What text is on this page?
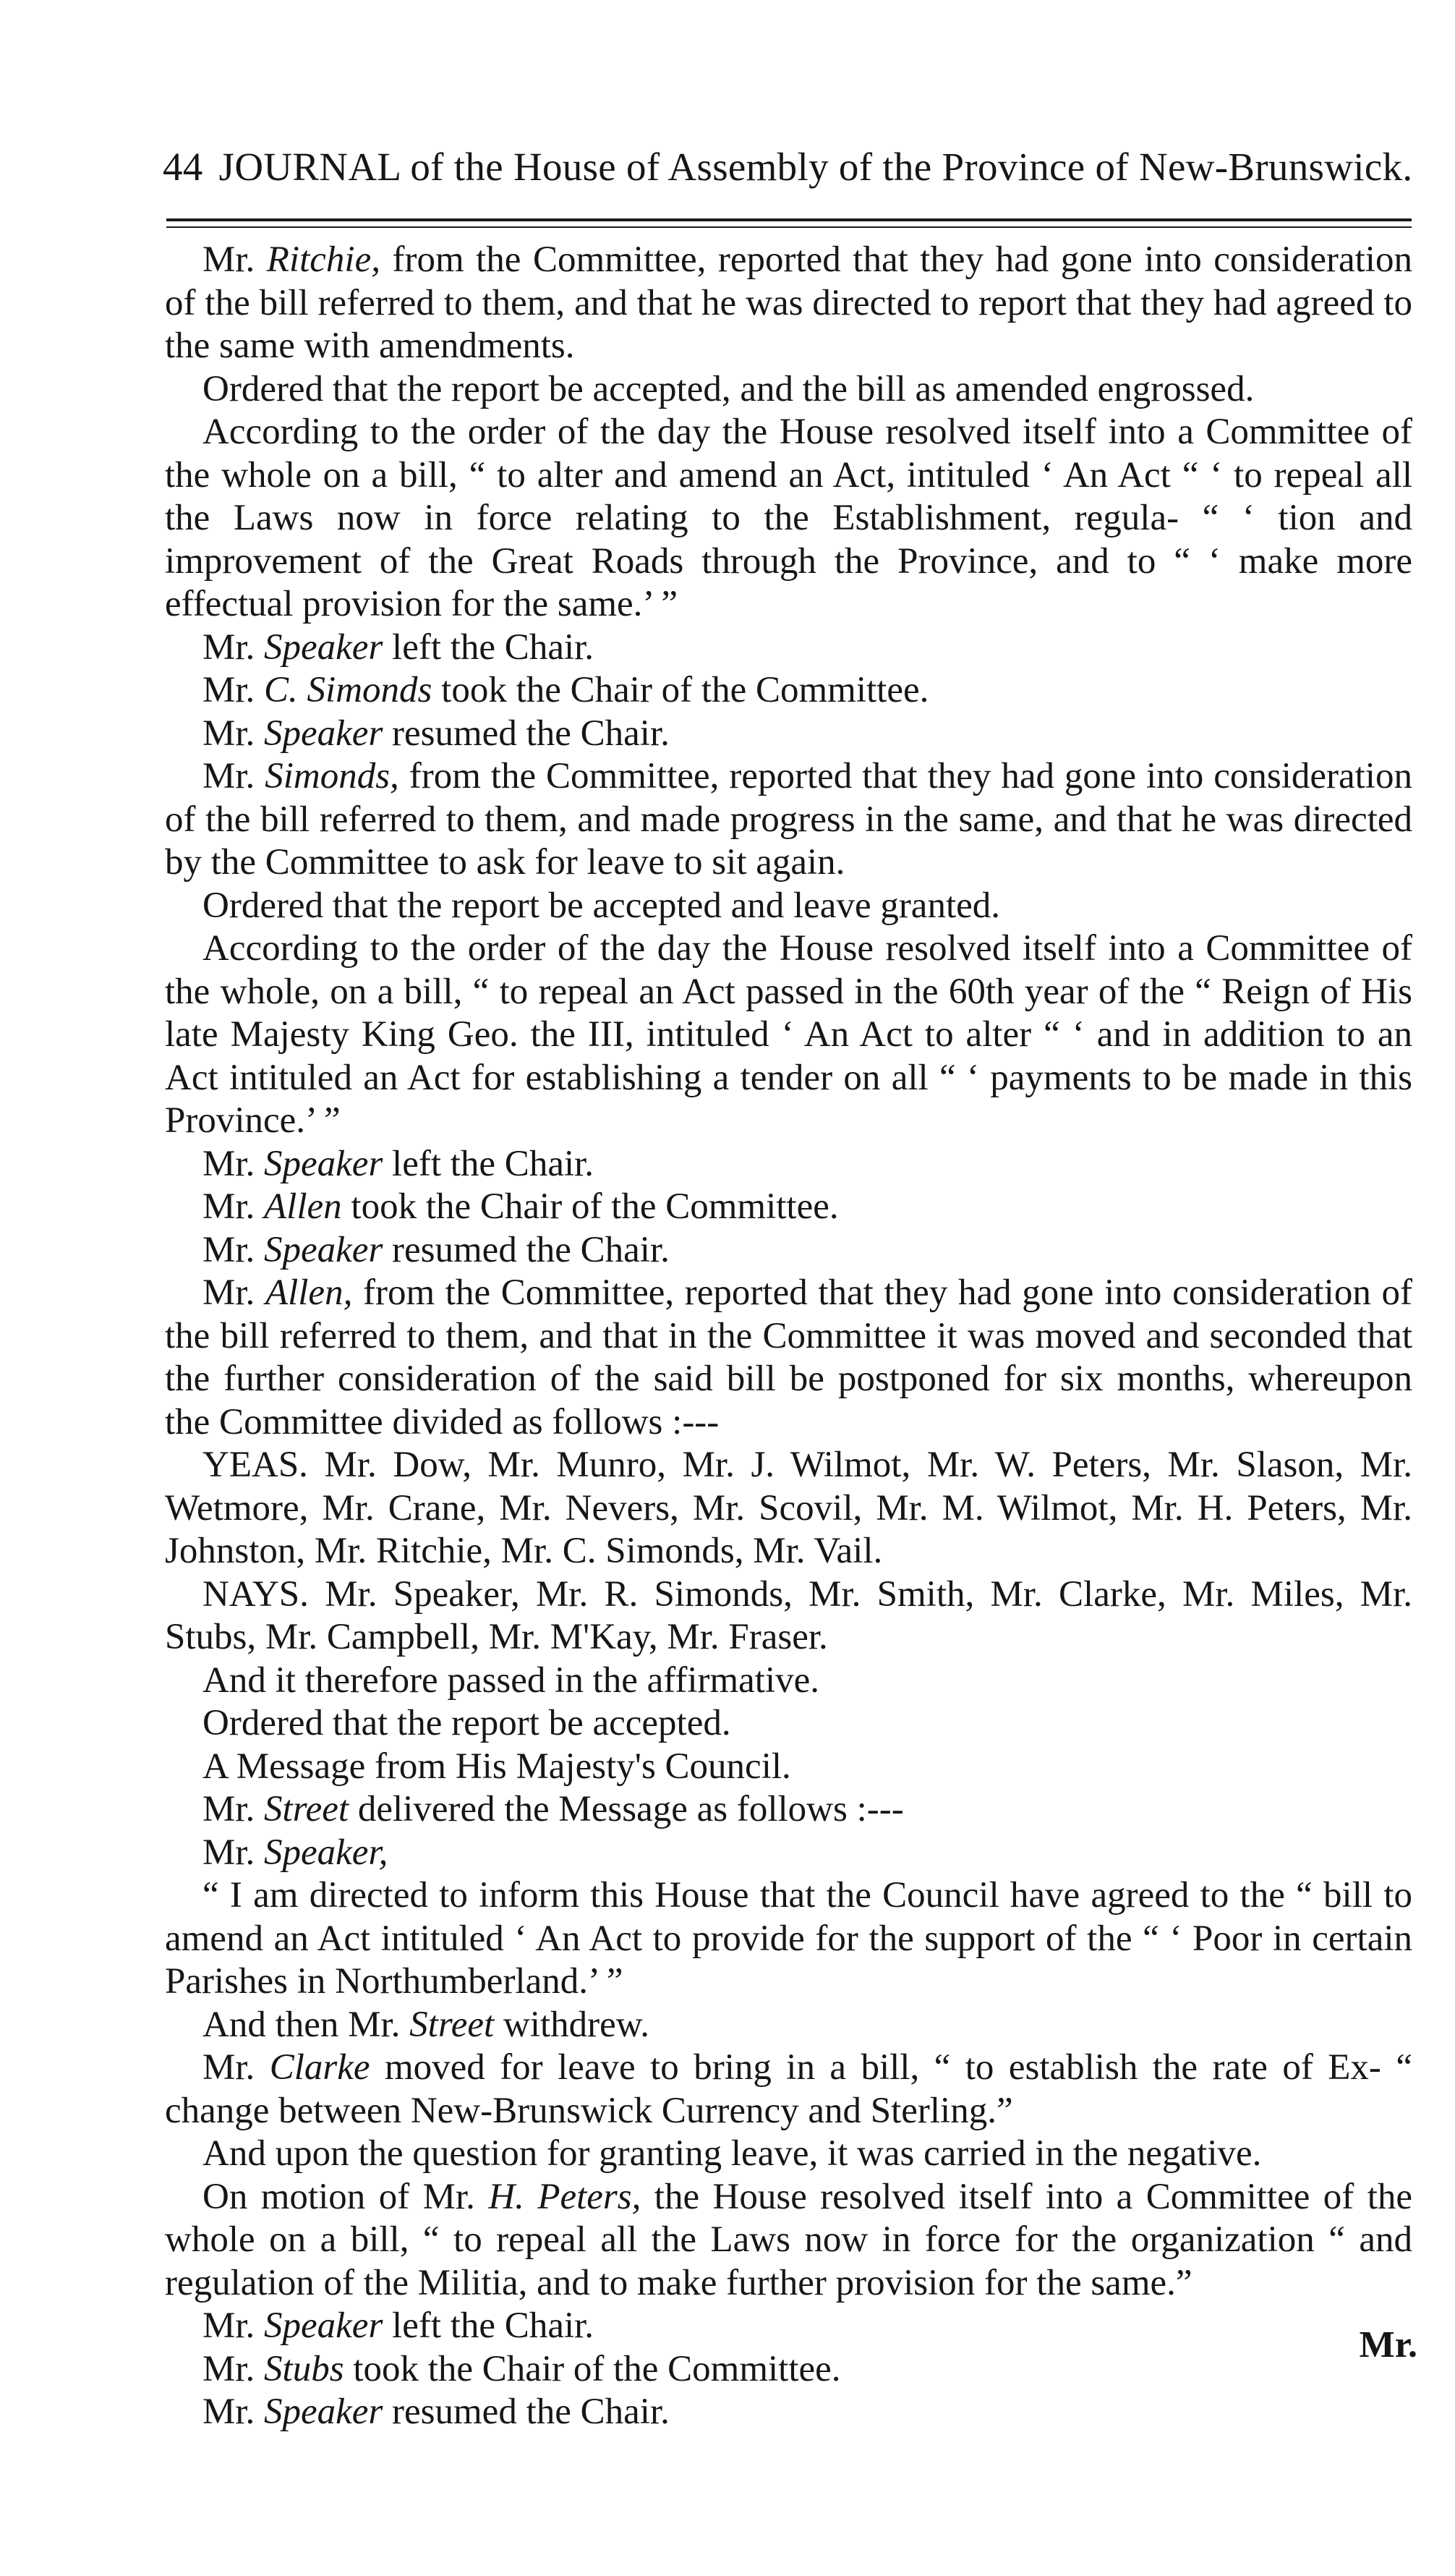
44 JOURNAL of the House of Assembly of the Province of New-Brunswick.

Mr. Ritchie, from the Committee, reported that they had gone into consideration of the bill referred to them, and that he was directed to report that they had agreed to the same with amendments.

Ordered that the report be accepted, and the bill as amended engrossed.

According to the order of the day the House resolved itself into a Committee of the whole on a bill, “ to alter and amend an Act, intituled ‘ An Act “ ‘ to repeal all the Laws now in force relating to the Establishment, regula- “ ‘ tion and improvement of the Great Roads through the Province, and to “ ‘ make more effectual provision for the same.’ ”

Mr. Speaker left the Chair.

Mr. C. Simonds took the Chair of the Committee.

Mr. Speaker resumed the Chair.

Mr. Simonds, from the Committee, reported that they had gone into consideration of the bill referred to them, and made progress in the same, and that he was directed by the Committee to ask for leave to sit again.

Ordered that the report be accepted and leave granted.

According to the order of the day the House resolved itself into a Committee of the whole, on a bill, “ to repeal an Act passed in the 60th year of the “ Reign of His late Majesty King Geo. the III, intituled ‘ An Act to alter “ ‘ and in addition to an Act intituled an Act for establishing a tender on all “ ‘ payments to be made in this Province.’ ”

Mr. Speaker left the Chair.

Mr. Allen took the Chair of the Committee.

Mr. Speaker resumed the Chair.

Mr. Allen, from the Committee, reported that they had gone into consideration of the bill referred to them, and that in the Committee it was moved and seconded that the further consideration of the said bill be postponed for six months, whereupon the Committee divided as follows :---

YEAS. Mr. Dow, Mr. Munro, Mr. J. Wilmot, Mr. W. Peters, Mr. Slason, Mr. Wetmore, Mr. Crane, Mr. Nevers, Mr. Scovil, Mr. M. Wilmot, Mr. H. Peters, Mr. Johnston, Mr. Ritchie, Mr. C. Simonds, Mr. Vail.

NAYS. Mr. Speaker, Mr. R. Simonds, Mr. Smith, Mr. Clarke, Mr. Miles, Mr. Stubs, Mr. Campbell, Mr. M'Kay, Mr. Fraser.

And it therefore passed in the affirmative.

Ordered that the report be accepted.

A Message from His Majesty's Council.

Mr. Street delivered the Message as follows :---

Mr. Speaker,

“ I am directed to inform this House that the Council have agreed to the “ bill to amend an Act intituled ‘ An Act to provide for the support of the “ ‘ Poor in certain Parishes in Northumberland.’ ”

And then Mr. Street withdrew.

Mr. Clarke moved for leave to bring in a bill, “ to establish the rate of Ex- “ change between New-Brunswick Currency and Sterling.”

And upon the question for granting leave, it was carried in the negative.

On motion of Mr. H. Peters, the House resolved itself into a Committee of the whole on a bill, “ to repeal all the Laws now in force for the organization “ and regulation of the Militia, and to make further provision for the same.”

Mr. Speaker left the Chair.

Mr. Stubs took the Chair of the Committee.

Mr. Speaker resumed the Chair.

Mr.
